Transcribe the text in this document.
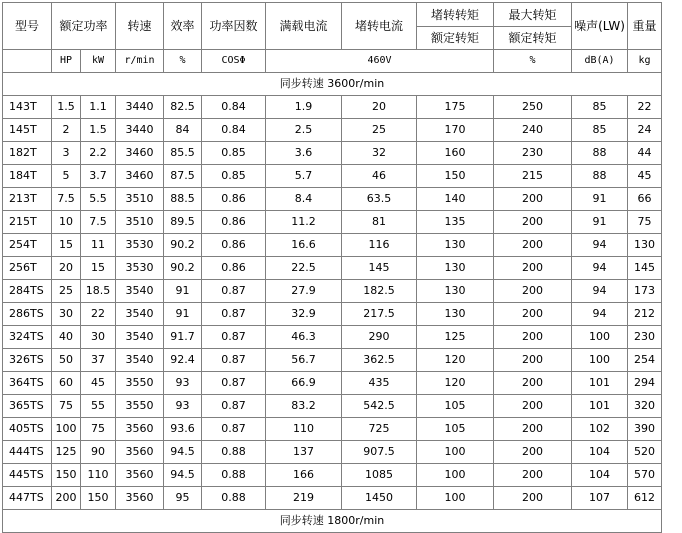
型号	额定功率		转速	效率	功率因数	满载电流	堵转电流	堵转转矩	最大转矩	噪声(LW)	重量
								额定转矩	额定转矩		
	HP	kW	r/min	%	COSΦ	460V			%	dB(A)	kg
同步转速 3600r/min											
143T	1.5	1.1	3440	82.5	0.84	1.9	20	175	250	85	22
145T	2	1.5	3440	84	0.84	2.5	25	170	240	85	24
182T	3	2.2	3460	85.5	0.85	3.6	32	160	230	88	44
184T	5	3.7	3460	87.5	0.85	5.7	46	150	215	88	45
213T	7.5	5.5	3510	88.5	0.86	8.4	63.5	140	200	91	66
215T	10	7.5	3510	89.5	0.86	11.2	81	135	200	91	75
254T	15	11	3530	90.2	0.86	16.6	116	130	200	94	130
256T	20	15	3530	90.2	0.86	22.5	145	130	200	94	145
284TS	25	18.5	3540	91	0.87	27.9	182.5	130	200	94	173
286TS	30	22	3540	91	0.87	32.9	217.5	130	200	94	212
324TS	40	30	3540	91.7	0.87	46.3	290	125	200	100	230
326TS	50	37	3540	92.4	0.87	56.7	362.5	120	200	100	254
364TS	60	45	3550	93	0.87	66.9	435	120	200	101	294
365TS	75	55	3550	93	0.87	83.2	542.5	105	200	101	320
405TS	100	75	3560	93.6	0.87	110	725	105	200	102	390
444TS	125	90	3560	94.5	0.88	137	907.5	100	200	104	520
445TS	150	110	3560	94.5	0.88	166	1085	100	200	104	570
447TS	200	150	3560	95	0.88	219	1450	100	200	107	612
同步转速 1800r/min											
